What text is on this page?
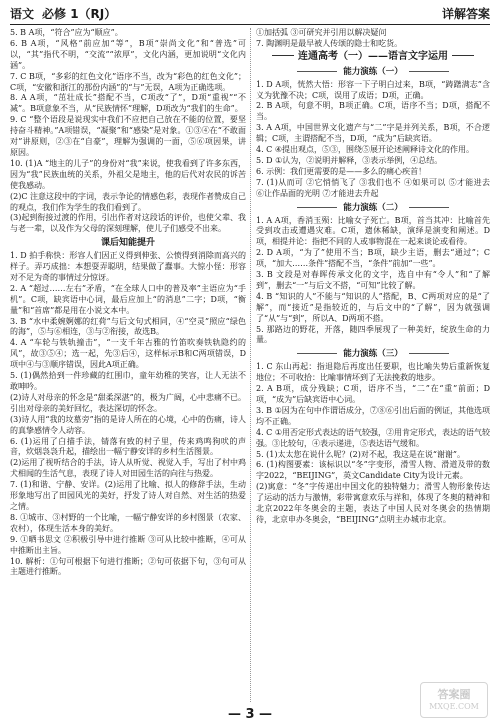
语文 必修 1（RJ）	详解答案

5. B A项，“符合”应为“顺应”。

6. B A项，“风格”前应加“等”，B项“崇尚文化”和“普选”可以，“其”指代不明，“交流”“浓厚”，文化内涵，更加说明“文化内涵”。

7. C B项，“多彩的红色文化”语序不当，改为“彩色的红色文化”；C项，“安徽和浙江的那份内涵”的“与”无误，A项为正确选项。

8. A A项，“茁壮成长”搭配不当，C项改“了”，D项“重视”“不减”。B项意象不当，从“民族情怀”理解，D项改为“我们的生命”。

9. C “整个语段是说现实中我们不应把自己放在不能的位置，要坚持奋斗精神。”A项错误，“凝聚”和“感染”是对象。①③④在“不敢面对”讲原则，②③在“自豪”，理解为强调的一面，⑤⑥项因果，讲原因。

10. (1)A “地主的儿子”的身份对“我”来说，使我看到了许多东西，因为“我”民族血统的关系，外祖父是地主，他的后代对农民的诉苦使我感动。

(2)C 注意这段中的字词，表示争论的情感色彩，表现作者赞成自己的观点，我们作为学生的我们看到了。

(3)起到衔接过渡的作用，引出作者对这段话的评价，也使父辈、我与老一辈，以及作为父母的深刻理解，使儿子们感受不出来。

课后知能提升

1. D 拍手称快：形容人们因正义得到伸张、公愤得到消除而高兴的样子。弄巧成拙：本想耍弄聪明，结果做了蠢事。大惊小怪：形容对不足为奇的事情过分惊讶。

2. A “超过……左右”矛盾，“在全球人口中的普及率”主语应为“手机”。C项，缺宾语中心词，最后应加上“的消息”二字；D项，“衡量”和“首席”都是用在小说文本中。

3. B “水中柔婉婀娜的红荷”与后文句式相同，④“空灵”照应“绿色的海”，⑤与⑥相连，③与②衔接，故选B。

4. A “车轮与铁轨撞击”，“一支千年古雅的竹笛吹奏铁轨隐约的风”，故③⑤④；选一起，先③后④，这样标示B和C两项错误，D项中④与③顺序错误，因此A项正确。

5. (1)偶然拾到一件珍藏的红围巾，童年幼稚的笑容，让人无法不敢呻吟。

(2)诗人对母亲的怀念是“甜柔深湛”的，极为广阔，心中悲痛不已。引出对母亲的美好回忆，表达深切的怀念。

(3)诗人用“我的坟墓旁”指的是诗人所在的心境，心中的伤痛，诗人的真挚感情令人动容。

6. (1)运用了白描手法，锖落有致的村子里，传来鸡鸣狗吠的声音，炊烟袅袅升起，描绘出一幅宁静安详的乡村生活图景。

(2)运用了视听结合的手法，诗人从听觉、视觉入手，写出了村中鸡犬相闻的生活气息，表现了诗人对田园生活的向往与热爱。

7. (1)和谐、宁静、安详。(2)运用了比喻、拟人的修辞手法，生动形象地写出了田园风光的美好，抒发了诗人对自然、对生活的热爱之情。

8. ①城市、③村野的一个比喻，一幅宁静安详的乡村图景（农家、农村），体现生活本身的美好。

9. ①晒书思文 ②积极引导中进行推断 ③可从比较中推断，④可从中推断出主旨。

10. 解析：①句可根据下句进行推断；②句可依据下句，③句可从主题进行推断。

①加括弧 ③可研究并引用以解决疑问

7. 陶渊明是最早被人传颂的隐士和吃货。

连通高考（一）——语言文字运用

能力演练（一）

1. D A项，恍然大悟：形容一下子明白过来，B项，“踌躇满志”含义为犹豫不决；C项，误用了成语；D项，正确。

2. B A项，句意不明，B项正确。C项，语序不当；D项，搭配不当。

3. A A项，中国世界文化遗产与“二”字是并列关系，B项，不合逻辑；C项，主谓搭配不当，D项，“成为”后缺宾语。

4. C ④提出观点，⑤③，围绕⑤展开论述阐释诗文化的作用。

5. D ①认为，②说明并解释，③表示举例，④总结。

6. 示例：我们更需要的是——多么的痛心疾首！

7. (1)从而可 ②它悄悄飞了 ③我们也不 ④如果可以 ⑤才能进去 ⑥让作品面的光明 ⑦才能进去升起

能力演练（二）

1. A A项，香消玉殒：比喻女子死亡。B项，首当其冲：比喻首先受到攻击或遭遇灾难。C项，遗休稀缺，演绎是演变和阐述。D项，相提并论：指把不同的人或事物混在一起来谈论或看待。

2. D A项，“为了”使用不当；B项，缺少主语，删去“通过”；C项，“加大……条件”搭配不当，“条件”前加“一些”。

3. B 文段是对春晖传承文化的文字，选自中有“令人”和“了解到”，删去“一”与后文不搭，“可知”比较了解。

4. B “知识的人”不能与“知识的人”搭配，B、C两项对应的是“了解”，而“接近”是指较近的，与后文中的“了解”，因为就强调了“从”与“到”，所以A、D两项不搭。

5. 那路边的野花，开落，随四季展现了一种美好，绽放生命的力量。

能力演练（三）

1. C 东山再起：指退隐后再度出任要职，也比喻失势后重新恢复地位；不可收拾：比喻事情坏到了无法挽救的地步。

2. A B项，成分残缺；C项，语序不当，“二”在“重”前面；D项，“成为”后缺宾语中心词。

3. B ①因为在句中作谓语成分，⑦⑧⑥引出后面的例证，其他选项均不正确。

4. C ①用否定形式表达的语气较强，②用肯定形式，表达的语气较强。③比较句，④表示递进，⑤表达语气缓和。

5. (1)太太您在说什么呢？(2)对不起，我这是在说“谢谢”。

6. (1)构图要素：该标识以“冬”字变形，滑雪人物、滑道及带的数字2022，“BEIJING”，英文Candidate City为设计元素。

(2)寓意：“冬”字传递出中国文化的独特魅力；滑雪人物形象传达了运动的活力与激情，彩带寓意欢乐与祥和，体现了冬奥的精神和北京2022年冬奥会的主题，表达了中国人民对冬奥会的热情期待，北京申办冬奥会，“BEIJING”点明主办城市北京。

— 3 —
答案圈
MXQE.COM
